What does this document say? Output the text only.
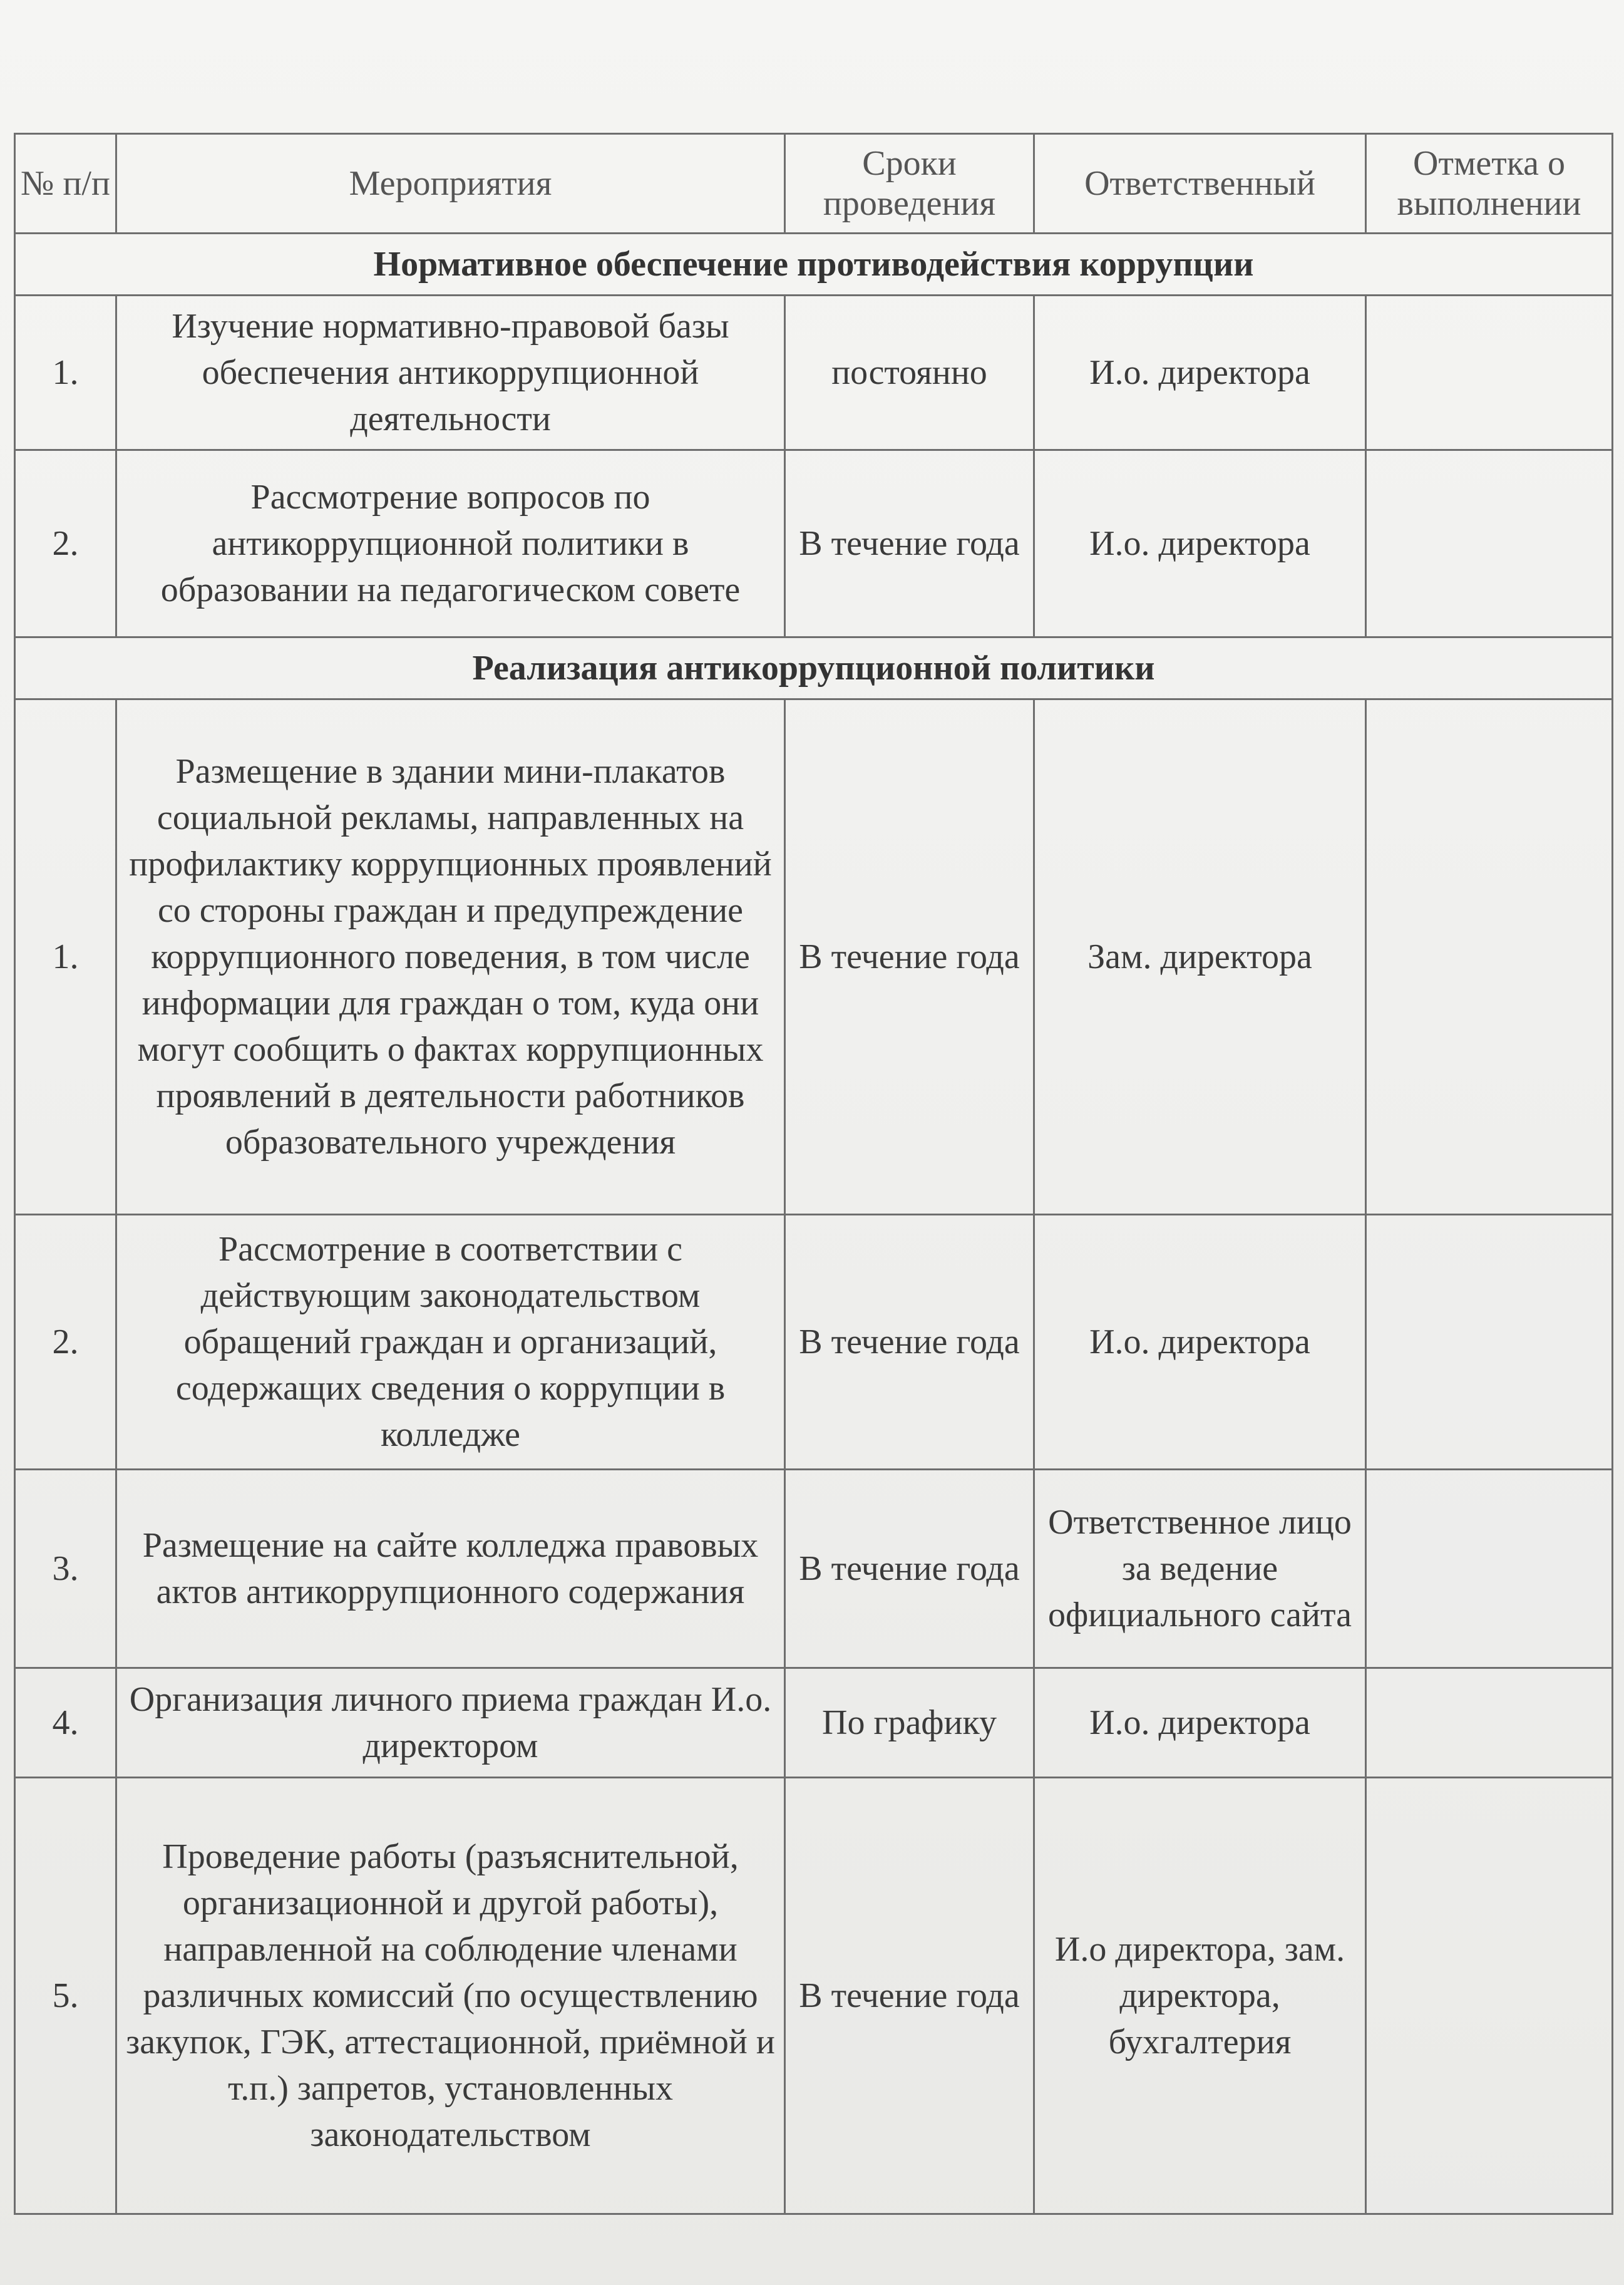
№ п/п	Мероприятия	Сроки проведения	Ответственный	Отметка о выполнении
Нормативное обеспечение противодействия коррупции				
1.	Изучение нормативно-правовой базы обеспечения антикоррупционной деятельности	постоянно	И.о. директора	
2.	Рассмотрение вопросов по антикоррупционной политики в образовании на педагогическом совете	В течение года	И.о. директора	
Реализация антикоррупционной политики				
1.	Размещение в здании мини-плакатов социальной рекламы, направленных на профилактику коррупционных проявлений со стороны граждан и предупреждение коррупционного поведения, в том числе информации для граждан о том, куда они могут сообщить о фактах коррупционных проявлений в деятельности работников образовательного учреждения	В течение года	Зам. директора	
2.	Рассмотрение в соответствии с действующим законодательством обращений граждан и организаций, содержащих сведения о коррупции в колледже	В течение года	И.о. директора	
3.	Размещение на сайте колледжа правовых актов антикоррупционного содержания	В течение года	Ответственное лицо за ведение официального сайта	
4.	Организация личного приема граждан И.о. директором	По графику	И.о. директора	
5.	Проведение работы (разъяснительной, организационной и другой работы), направленной на соблюдение членами различных комиссий (по осуществлению закупок, ГЭК, аттестационной, приёмной и т.п.) запретов, установленных законодательством	В течение года	И.о директора, зам. директора, бухгалтерия	
